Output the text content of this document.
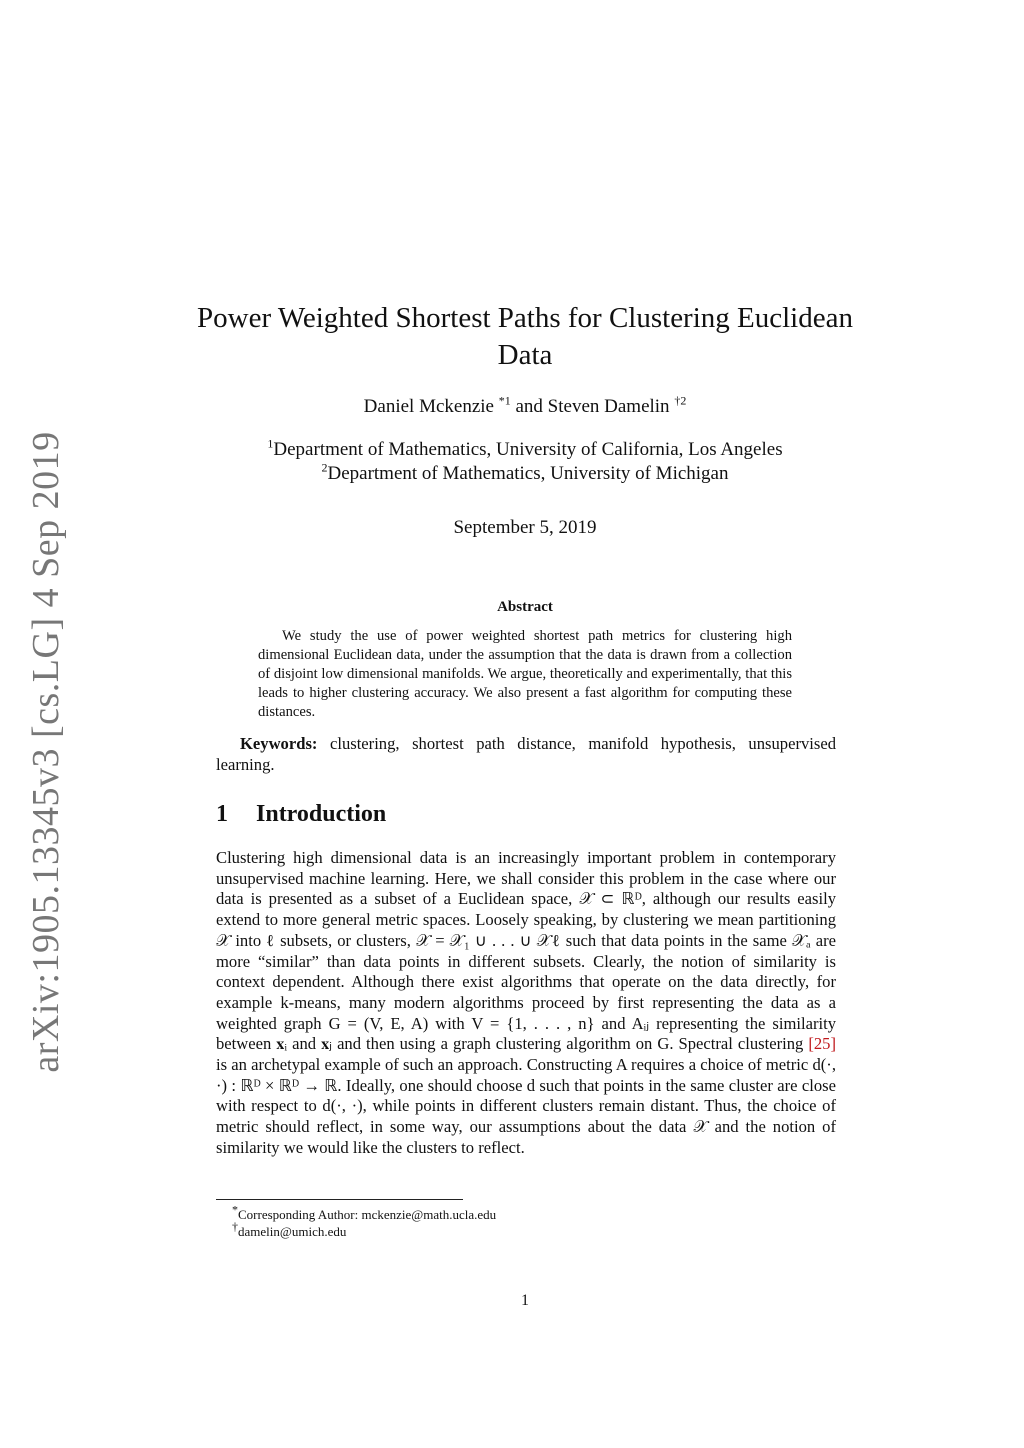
arXiv:1905.13345v3 [cs.LG] 4 Sep 2019
Power Weighted Shortest Paths for Clustering Euclidean Data
Daniel Mckenzie $^{*1}$ and Steven Damelin $^{\dagger 2}$
$^1$Department of Mathematics, University of California, Los Angeles
$^2$Department of Mathematics, University of Michigan
September 5, 2019
Abstract

We study the use of power weighted shortest path metrics for clustering high dimensional Euclidean data, under the assumption that the data is drawn from a collection of disjoint low dimensional manifolds. We argue, theoretically and experimentally, that this leads to higher clustering accuracy. We also present a fast algorithm for computing these distances.

Keywords: clustering, shortest path distance, manifold hypothesis, unsupervised learning.

1 Introduction

Clustering high dimensional data is an increasingly important problem in contemporary unsupervised machine learning. Here, we shall consider this problem in the case where our data is presented as a subset of a Euclidean space, 𝒳 ⊂ ℝᴰ, although our results easily extend to more general metric spaces. Loosely speaking, by clustering we mean partitioning 𝒳 into ℓ subsets, or clusters, 𝒳 = 𝒳₁ ∪ . . . ∪ 𝒳ℓ such that data points in the same 𝒳ₐ are more “similar” than data points in different subsets. Clearly, the notion of similarity is context dependent. Although there exist algorithms that operate on the data directly, for example k-means, many modern algorithms proceed by first representing the data as a weighted graph G = (V, E, A) with V = {1, . . . , n} and Aᵢⱼ representing the similarity between 𝐱ᵢ and 𝐱ⱼ and then using a graph clustering algorithm on G. Spectral clustering [25] is an archetypal example of such an approach. Constructing A requires a choice of metric d(·, ·) : ℝᴰ × ℝᴰ → ℝ. Ideally, one should choose d such that points in the same cluster are close with respect to d(·, ·), while points in different clusters remain distant. Thus, the choice of metric should reflect, in some way, our assumptions about the data 𝒳 and the notion of similarity we would like the clusters to reflect.

*Corresponding Author: mckenzie@math.ucla.edu
†damelin@umich.edu
1
